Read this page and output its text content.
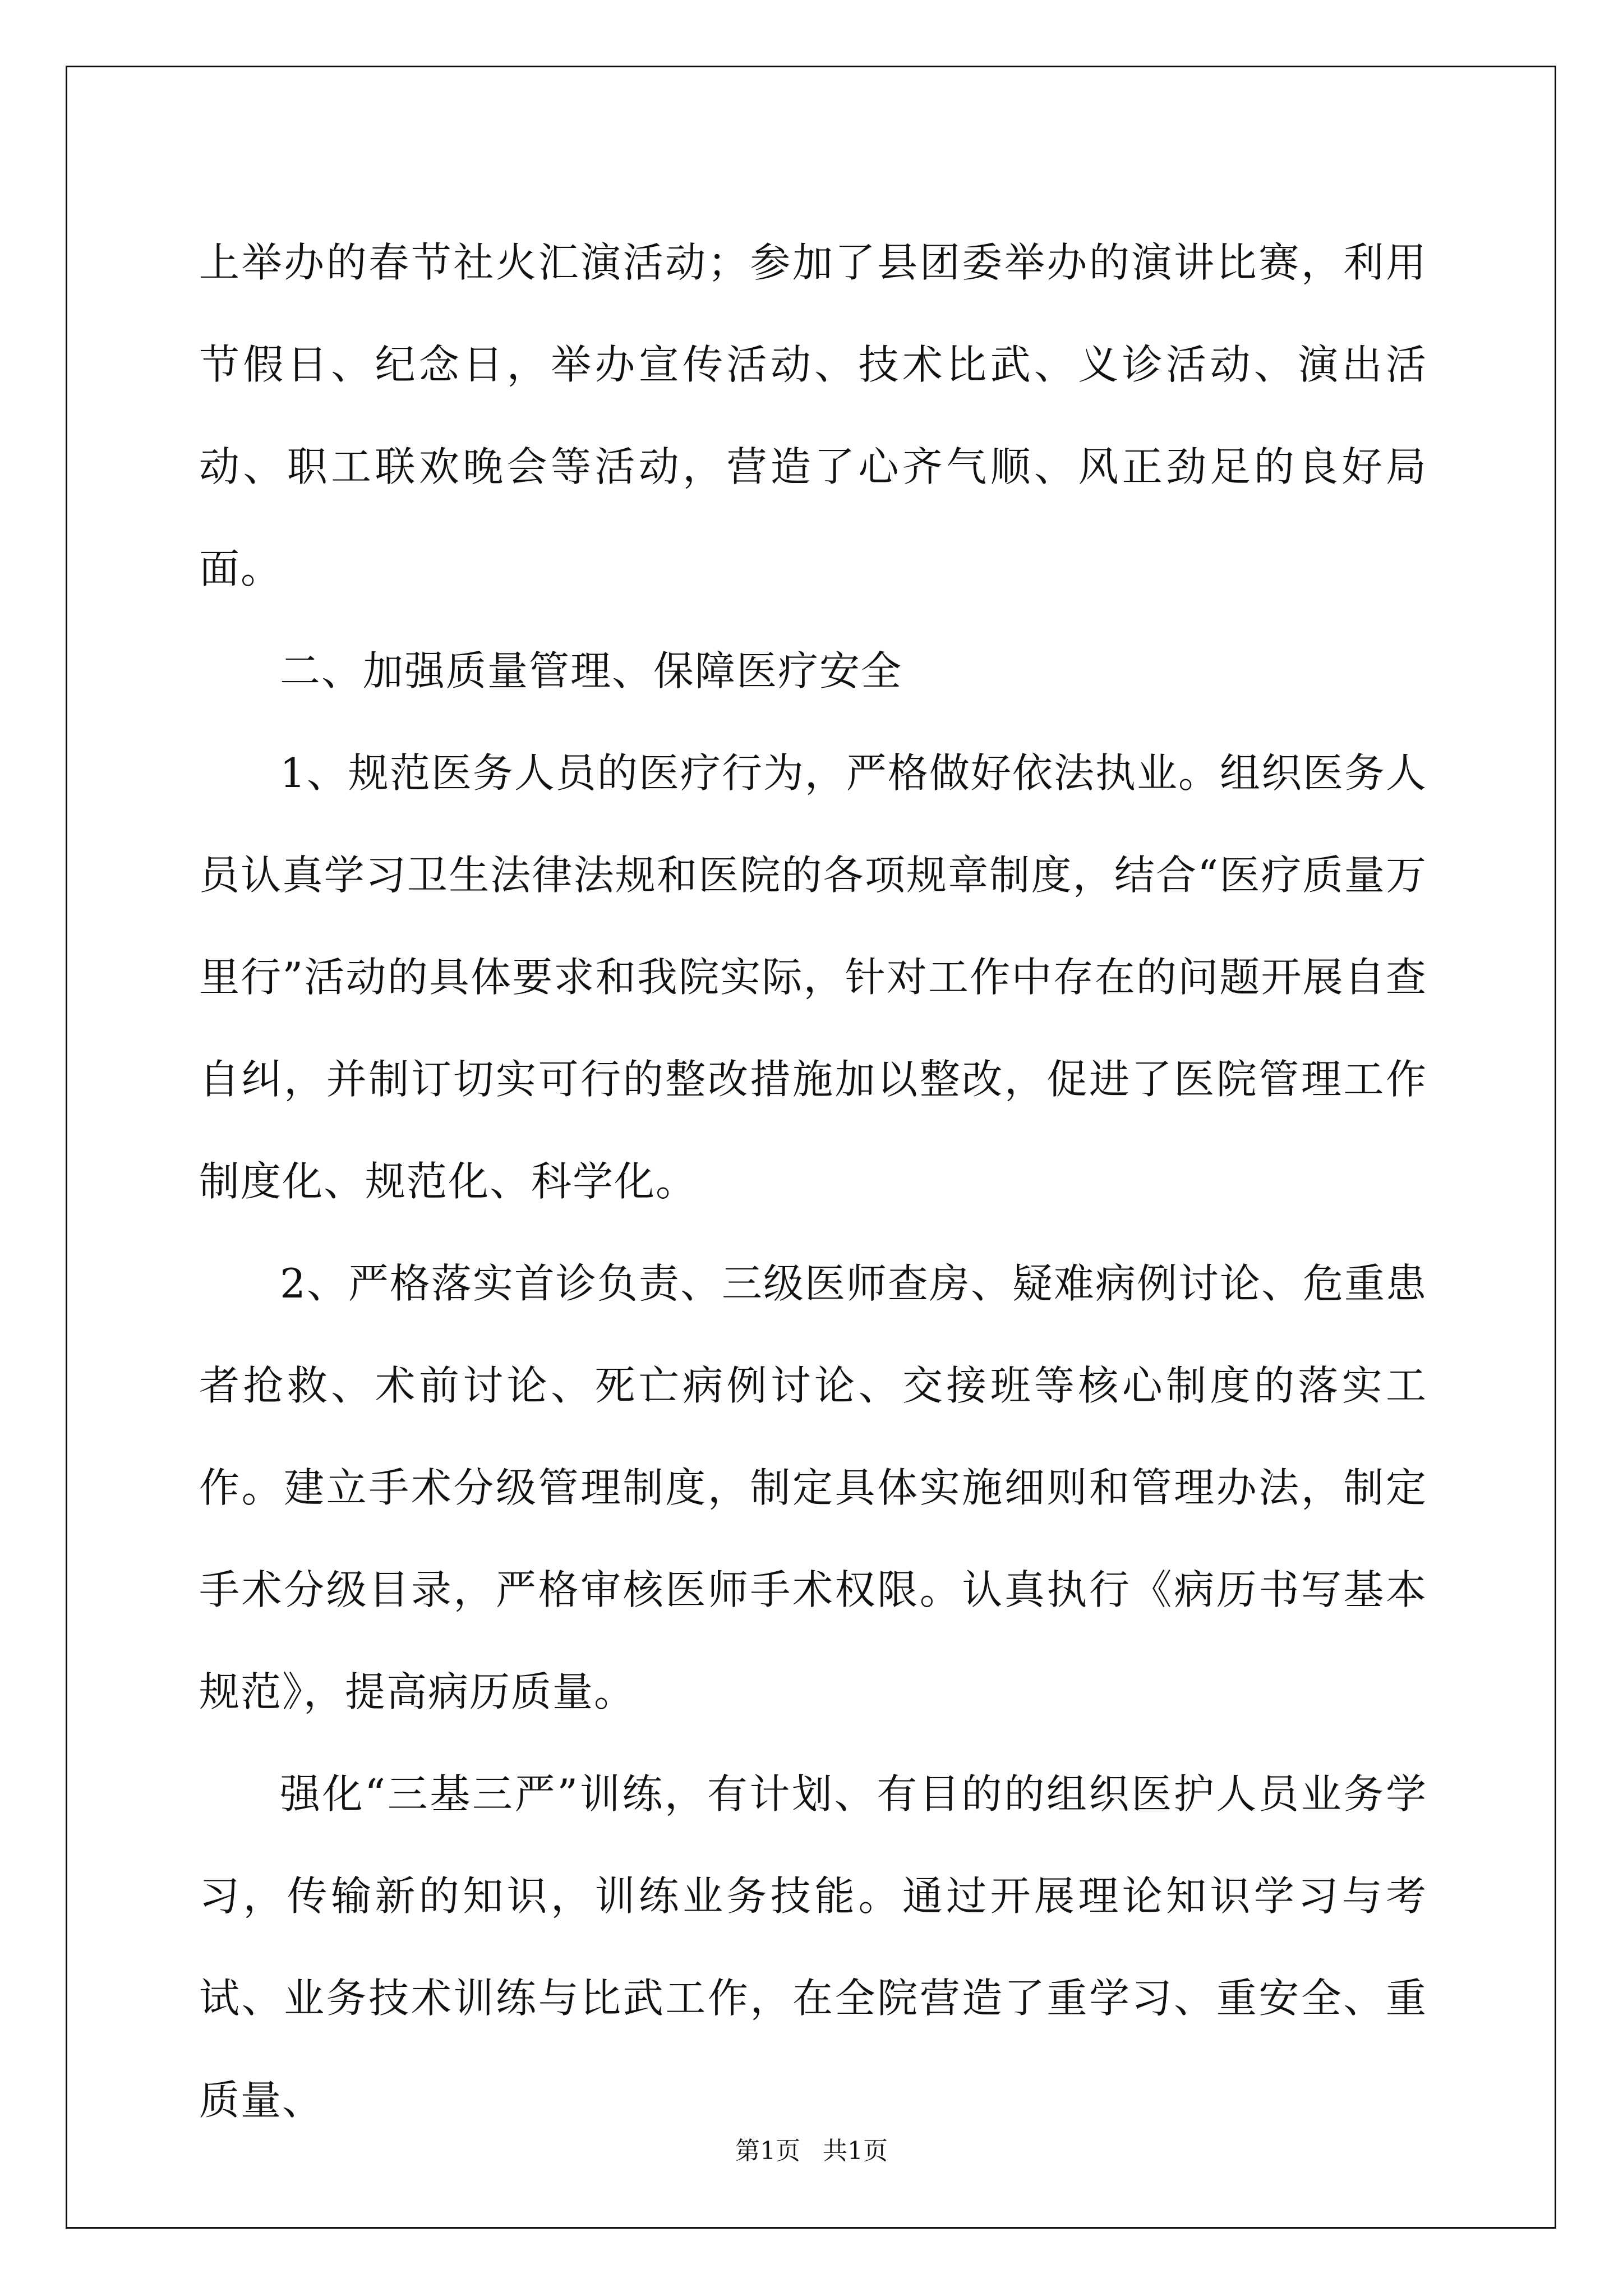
上举办的春节社火汇演活动；参加了县团委举办的演讲比赛，利用节假日、纪念日，举办宣传活动、技术比武、义诊活动、演出活动、职工联欢晚会等活动，营造了心齐气顺、风正劲足的良好局面。

二、加强质量管理、保障医疗安全

1、规范医务人员的医疗行为，严格做好依法执业。组织医务人员认真学习卫生法律法规和医院的各项规章制度，结合“医疗质量万里行”活动的具体要求和我院实际，针对工作中存在的问题开展自查自纠，并制订切实可行的整改措施加以整改，促进了医院管理工作制度化、规范化、科学化。

2、严格落实首诊负责、三级医师查房、疑难病例讨论、危重患者抢救、术前讨论、死亡病例讨论、交接班等核心制度的落实工作。建立手术分级管理制度，制定具体实施细则和管理办法，制定手术分级目录，严格审核医师手术权限。认真执行《病历书写基本规范》，提高病历质量。

强化“三基三严”训练，有计划、有目的的组织医护人员业务学习，传输新的知识，训练业务技能。通过开展理论知识学习与考试、业务技术训练与比武工作，在全院营造了重学习、重安全、重质量、

第1页 共1页
